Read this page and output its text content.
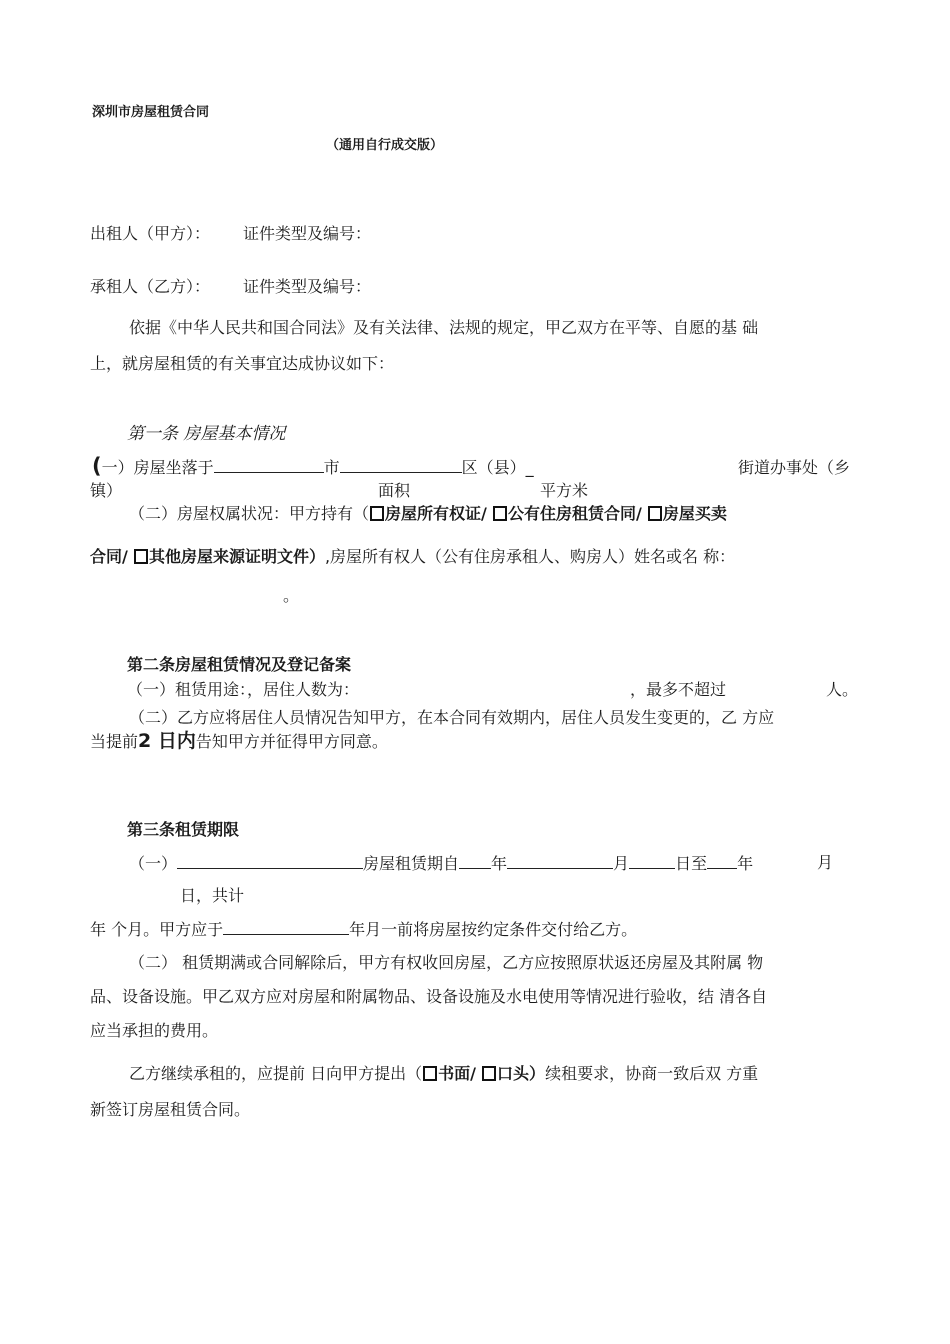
深圳市房屋租赁合同
（通用自行成交版）
出租人（甲方）： 证件类型及编号：
承租人（乙方）： 证件类型及编号：
依据《中华人民共和国合同法》及有关法律、法规的规定，甲乙双方在平等、自愿的基 础
上，就房屋租赁的有关事宜达成协议如下：
第一条 房屋基本情况
(一）房屋坐落于	市	区（县）_	街道办事处（乡
镇）	面积	平方米
（二）房屋权属状况：甲方持有（ 房屋所有权证/ 公有住房租赁合同/ 房屋买卖
合同/ 其他房屋来源证明文件）,房屋所有权人（公有住房承租人、购房人）姓名或名 称：
。
第二条房屋租赁情况及登记备案
（一）租赁用途：，居住人数为：	，最多不超过	人。
（二）乙方应将居住人员情况告知甲方，在本合同有效期内，居住人员发生变更的，乙 方应
当提前2 日内告知甲方并征得甲方同意。
第三条租赁期限
（一）	房屋租赁期自 年	月	日至 年	月
日，共计
年 个月。甲方应于	年月一前将房屋按约定条件交付给乙方。
（二） 租赁期满或合同解除后，甲方有权收回房屋，乙方应按照原状返还房屋及其附属 物
品、设备设施。甲乙双方应对房屋和附属物品、设备设施及水电使用等情况进行验收，结 清各自
应当承担的费用。
乙方继续承租的，应提前 日向甲方提出（ 书面/ 口头）续租要求，协商一致后双 方重
新签订房屋租赁合同。
